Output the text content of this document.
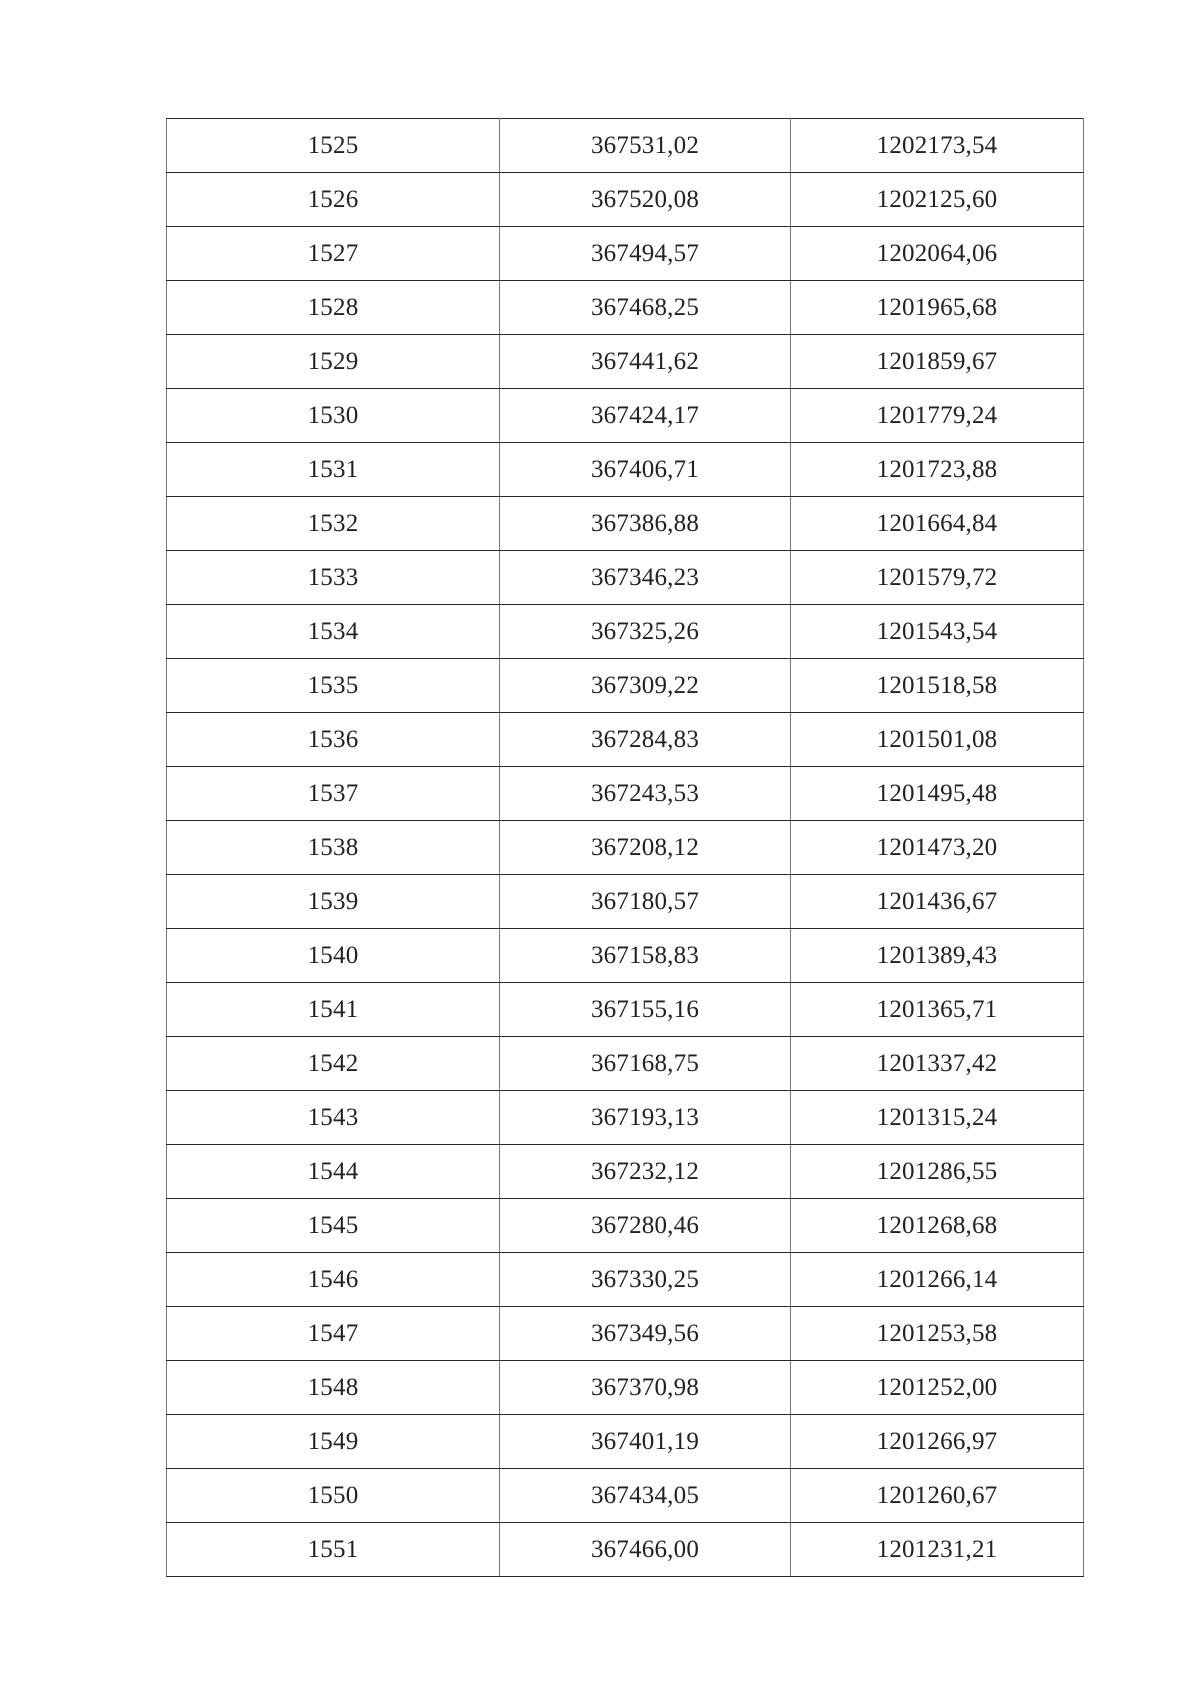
1525	367531,02	1202173,54
1526	367520,08	1202125,60
1527	367494,57	1202064,06
1528	367468,25	1201965,68
1529	367441,62	1201859,67
1530	367424,17	1201779,24
1531	367406,71	1201723,88
1532	367386,88	1201664,84
1533	367346,23	1201579,72
1534	367325,26	1201543,54
1535	367309,22	1201518,58
1536	367284,83	1201501,08
1537	367243,53	1201495,48
1538	367208,12	1201473,20
1539	367180,57	1201436,67
1540	367158,83	1201389,43
1541	367155,16	1201365,71
1542	367168,75	1201337,42
1543	367193,13	1201315,24
1544	367232,12	1201286,55
1545	367280,46	1201268,68
1546	367330,25	1201266,14
1547	367349,56	1201253,58
1548	367370,98	1201252,00
1549	367401,19	1201266,97
1550	367434,05	1201260,67
1551	367466,00	1201231,21
